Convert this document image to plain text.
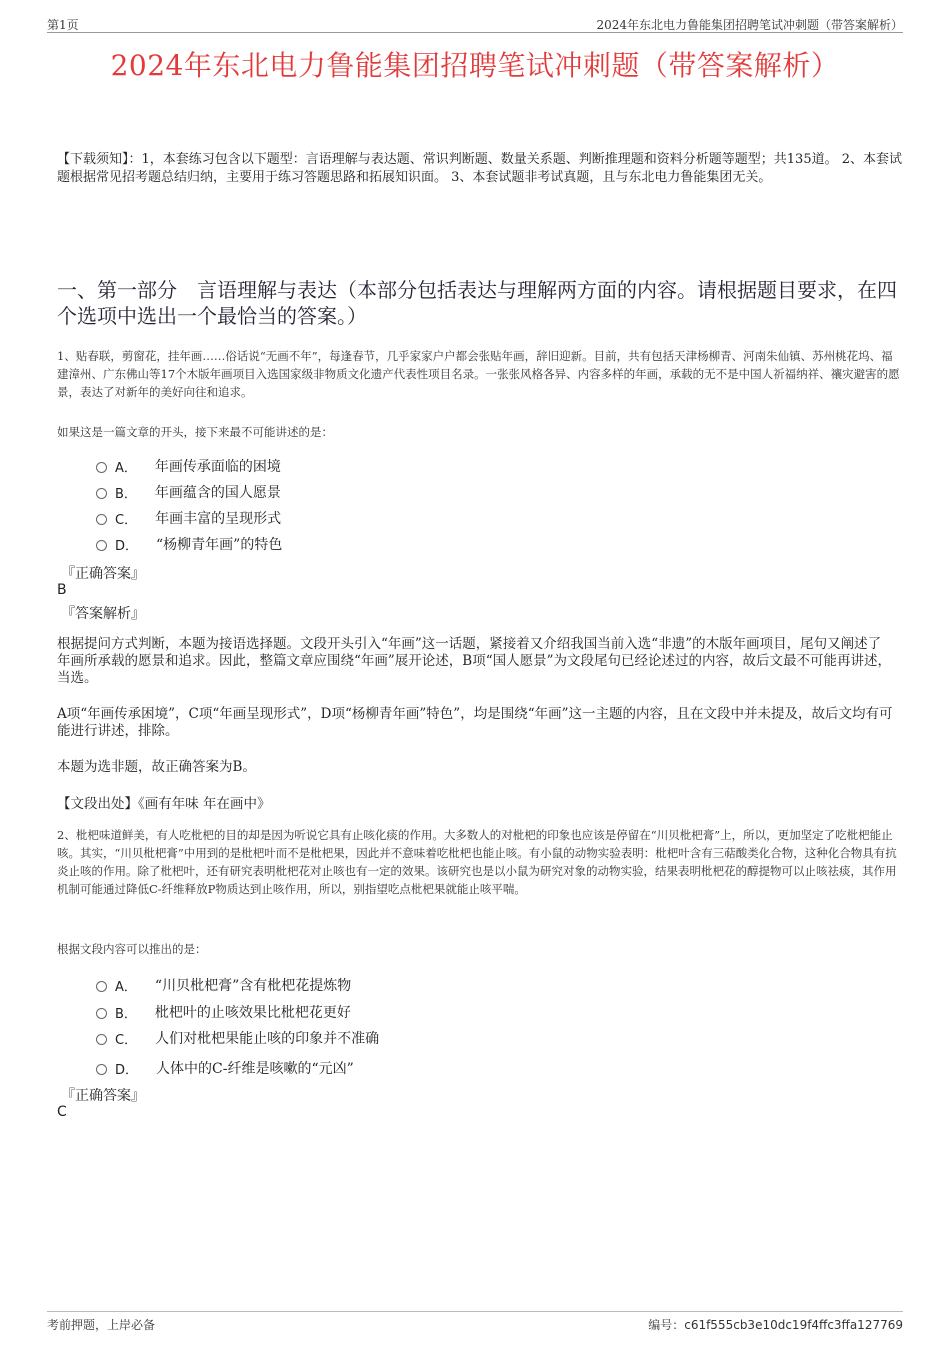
第1页	2024年东北电力鲁能集团招聘笔试冲刺题（带答案解析）
2024年东北电力鲁能集团招聘笔试冲刺题（带答案解析）
【下载须知】：1，本套练习包含以下题型：言语理解与表达题、常识判断题、数量关系题、判断推理题和资料分析题等题型；共135道。 2、本套试题根据常见招考题总结归纳，主要用于练习答题思路和拓展知识面。 3、本套试题非考试真题，且与东北电力鲁能集团无关。
一、第一部分　言语理解与表达（本部分包括表达与理解两方面的内容。请根据题目要求，在四个选项中选出一个最恰当的答案。）
1、贴春联，剪窗花，挂年画……俗话说“无画不年”，每逢春节，几乎家家户户都会张贴年画，辞旧迎新。目前，共有包括天津杨柳青、河南朱仙镇、苏州桃花坞、福建漳州、广东佛山等17个木版年画项目入选国家级非物质文化遗产代表性项目名录。一张张风格各异、内容多样的年画，承载的无不是中国人祈福纳祥、禳灾避害的愿景，表达了对新年的美好向往和追求。
如果这是一篇文章的开头，接下来最不可能讲述的是：
A． 年画传承面临的困境
B． 年画蕴含的国人愿景
C． 年画丰富的呈现形式
D． “杨柳青年画”的特色
『正确答案』
B
『答案解析』
根据提问方式判断，本题为接语选择题。文段开头引入“年画”这一话题，紧接着又介绍我国当前入选“非遗”的木版年画项目，尾句又阐述了年画所承载的愿景和追求。因此，整篇文章应围绕“年画”展开论述，B项“国人愿景”为文段尾句已经论述过的内容，故后文最不可能再讲述，当选。
A项“年画传承困境”，C项“年画呈现形式”，D项“杨柳青年画”特色”，均是围绕“年画”这一主题的内容，且在文段中并未提及，故后文均有可能进行讲述，排除。
本题为选非题，故正确答案为B。
【文段出处】《画有年味 年在画中》
2、枇杷味道鲜美，有人吃枇杷的目的却是因为听说它具有止咳化痰的作用。大多数人的对枇杷的印象也应该是停留在“川贝枇杷膏”上，所以，更加坚定了吃枇杷能止咳。其实，“川贝枇杷膏”中用到的是枇杷叶而不是枇杷果，因此并不意味着吃枇杷也能止咳。有小鼠的动物实验表明：枇杷叶含有三萜酸类化合物，这种化合物具有抗炎止咳的作用。除了枇杷叶，还有研究表明枇杷花对止咳也有一定的效果。该研究也是以小鼠为研究对象的动物实验，结果表明枇杷花的醇提物可以止咳祛痰，其作用机制可能通过降低C-纤维释放P物质达到止咳作用，所以，别指望吃点枇杷果就能止咳平喘。
根据文段内容可以推出的是：
A． “川贝枇杷膏”含有枇杷花提炼物
B． 枇杷叶的止咳效果比枇杷花更好
C． 人们对枇杷果能止咳的印象并不准确
D． 人体中的C-纤维是咳嗽的“元凶”
『正确答案』
C
考前押题，上岸必备	编号：c61f555cb3e10dc19f4ffc3ffa127769
